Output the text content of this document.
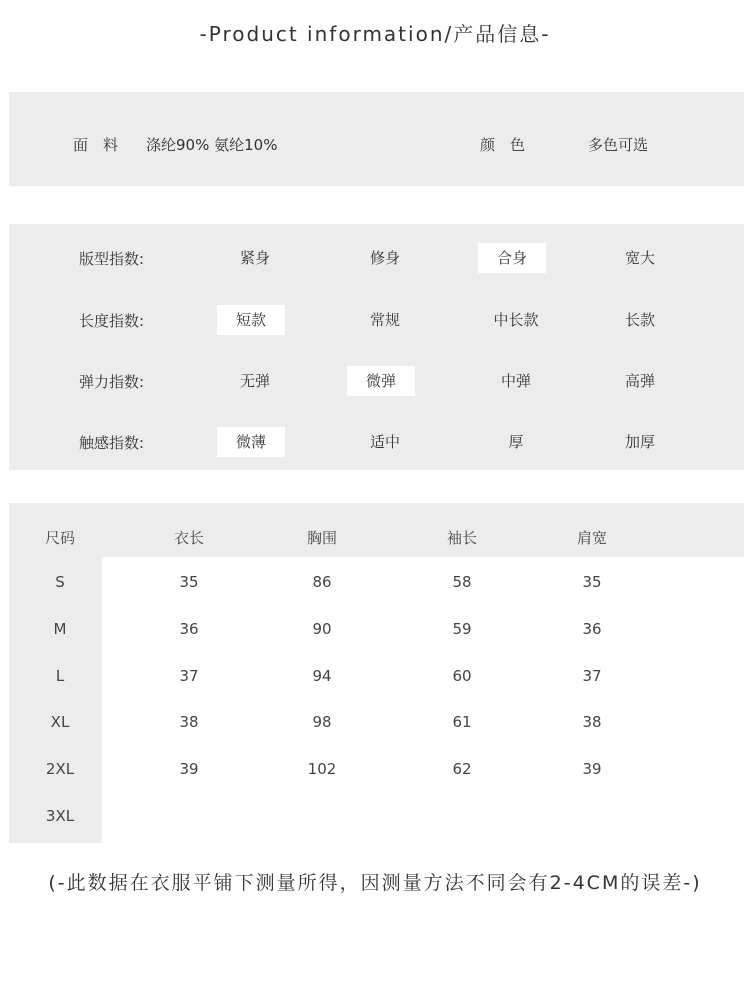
-Product information/产品信息-
面　料 涤纶90% 氨纶10%	颜　色	多色可选
版型指数:	紧身	修身	合身	宽大
长度指数:	短款	常规	中长款	长款
弹力指数:	无弹	微弹	中弹	高弹
触感指数:	微薄	适中	厚	加厚
尺码	衣长	胸围	袖长	肩宽
S	35	86	58	35
M	36	90	59	36
L	37	94	60	37
XL	38	98	61	38
2XL	39	102	62	39
3XL
(-此数据在衣服平铺下测量所得，因测量方法不同会有2-4CM的误差-)
